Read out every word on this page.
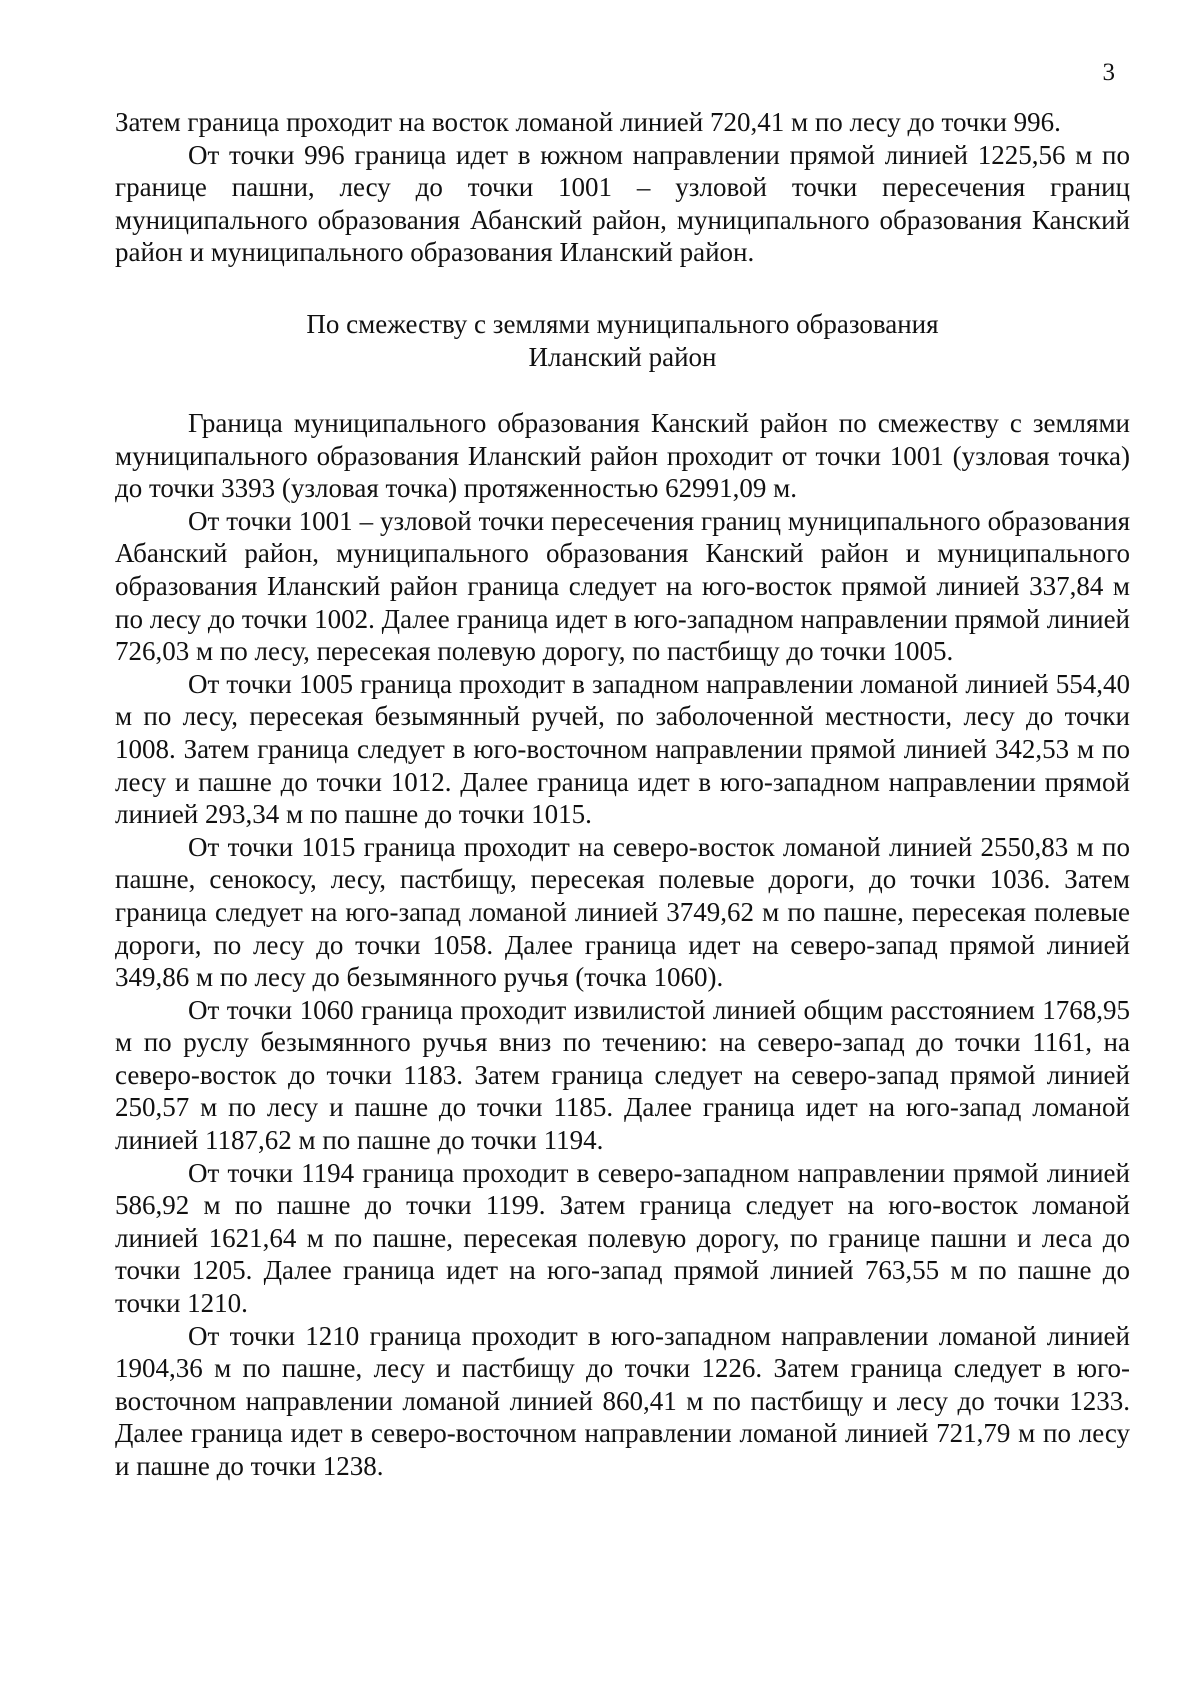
3

Затем граница проходит на восток ломаной линией 720,41 м по лесу до точки 996.

От точки 996 граница идет в южном направлении прямой линией 1225,56 м по границе пашни, лесу до точки 1001 – узловой точки пересечения границ муниципального образования Абанский район, муниципального образования Канский район и муниципального образования Иланский район.

По смежеству с землями муниципального образования
Иланский район

Граница муниципального образования Канский район по смежеству с землями муниципального образования Иланский район проходит от точки 1001 (узловая точка) до точки 3393 (узловая точка) протяженностью 62991,09 м.

От точки 1001 – узловой точки пересечения границ муниципального образования Абанский район, муниципального образования Канский район и муниципального образования Иланский район граница следует на юго-восток прямой линией 337,84 м по лесу до точки 1002. Далее граница идет в юго-западном направлении прямой линией 726,03 м по лесу, пересекая полевую дорогу, по пастбищу до точки 1005.

От точки 1005 граница проходит в западном направлении ломаной линией 554,40 м по лесу, пересекая безымянный ручей, по заболоченной местности, лесу до точки 1008. Затем граница следует в юго-восточном направлении прямой линией 342,53 м по лесу и пашне до точки 1012. Далее граница идет в юго-западном направлении прямой линией 293,34 м по пашне до точки 1015.

От точки 1015 граница проходит на северо-восток ломаной линией 2550,83 м по пашне, сенокосу, лесу, пастбищу, пересекая полевые дороги, до точки 1036. Затем граница следует на юго-запад ломаной линией 3749,62 м по пашне, пересекая полевые дороги, по лесу до точки 1058. Далее граница идет на северо-запад прямой линией 349,86 м по лесу до безымянного ручья (точка 1060).

От точки 1060 граница проходит извилистой линией общим расстоянием 1768,95 м по руслу безымянного ручья вниз по течению: на северо-запад до точки 1161, на северо-восток до точки 1183. Затем граница следует на северо-запад прямой линией 250,57 м по лесу и пашне до точки 1185. Далее граница идет на юго-запад ломаной линией 1187,62 м по пашне до точки 1194.

От точки 1194 граница проходит в северо-западном направлении прямой линией 586,92 м по пашне до точки 1199. Затем граница следует на юго-восток ломаной линией 1621,64 м по пашне, пересекая полевую дорогу, по границе пашни и леса до точки 1205. Далее граница идет на юго-запад прямой линией 763,55 м по пашне до точки 1210.

От точки 1210 граница проходит в юго-западном направлении ломаной линией 1904,36 м по пашне, лесу и пастбищу до точки 1226. Затем граница следует в юго-восточном направлении ломаной линией 860,41 м по пастбищу и лесу до точки 1233. Далее граница идет в северо-восточном направлении ломаной линией 721,79 м по лесу и пашне до точки 1238.
